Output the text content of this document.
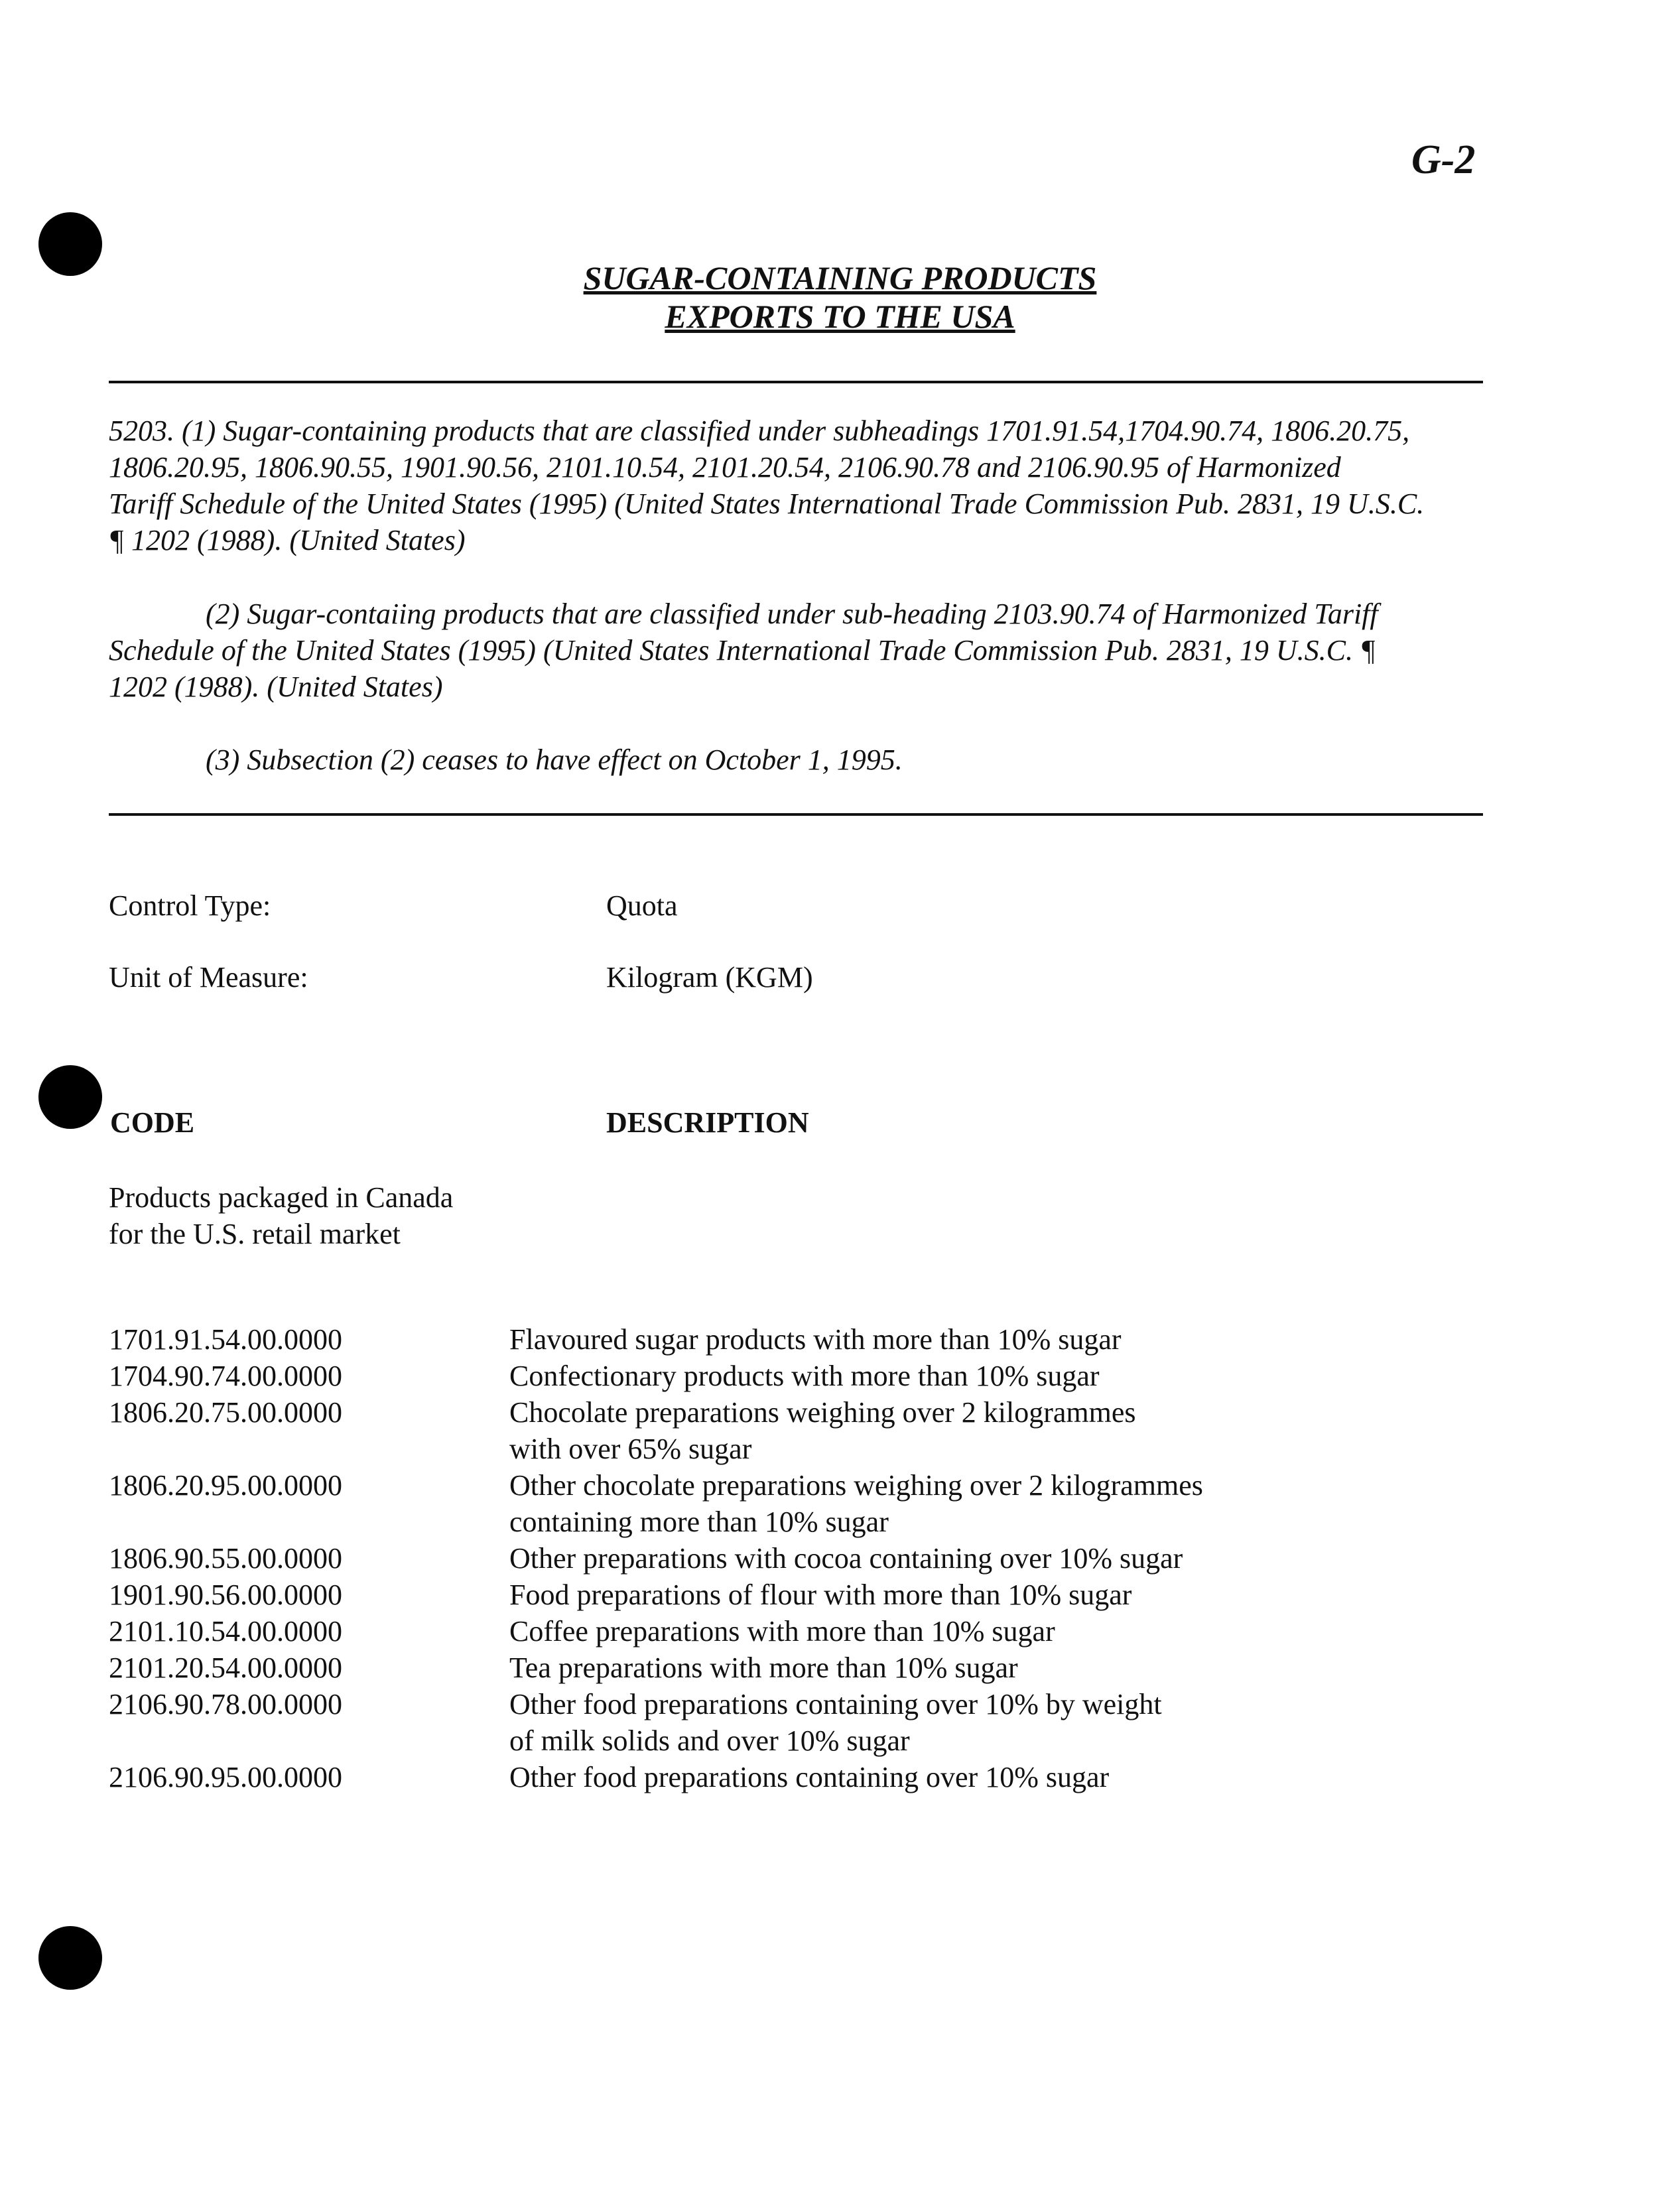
G-2
SUGAR-CONTAINING PRODUCTS
EXPORTS TO THE USA
5203. (1) Sugar-containing products that are classified under subheadings 1701.91.54,1704.90.74, 1806.20.75,
1806.20.95, 1806.90.55, 1901.90.56, 2101.10.54, 2101.20.54, 2106.90.78 and 2106.90.95 of Harmonized
Tariff Schedule of the United States (1995) (United States International Trade Commission Pub. 2831, 19 U.S.C.
¶ 1202 (1988). (United States)
(2) Sugar-contaiing products that are classified under sub-heading 2103.90.74 of Harmonized Tariff
Schedule of the United States (1995) (United States International Trade Commission Pub. 2831, 19 U.S.C. ¶
1202 (1988). (United States)
(3) Subsection (2) ceases to have effect on October 1, 1995.
Control Type:	Quota
Unit of Measure:	Kilogram (KGM)
CODE	DESCRIPTION
Products packaged in Canada
for the U.S. retail market
1701.91.54.00.0000	Flavoured sugar products with more than 10% sugar
1704.90.74.00.0000	Confectionary products with more than 10% sugar
1806.20.75.00.0000	Chocolate preparations weighing over 2 kilogrammes
with over 65% sugar
1806.20.95.00.0000	Other chocolate preparations weighing over 2 kilogrammes
containing more than 10% sugar
1806.90.55.00.0000	Other preparations with cocoa containing over 10% sugar
1901.90.56.00.0000	Food preparations of flour with more than 10% sugar
2101.10.54.00.0000	Coffee preparations with more than 10% sugar
2101.20.54.00.0000	Tea preparations with more than 10% sugar
2106.90.78.00.0000	Other food preparations containing over 10% by weight
of milk solids and over 10% sugar
2106.90.95.00.0000	Other food preparations containing over 10% sugar
